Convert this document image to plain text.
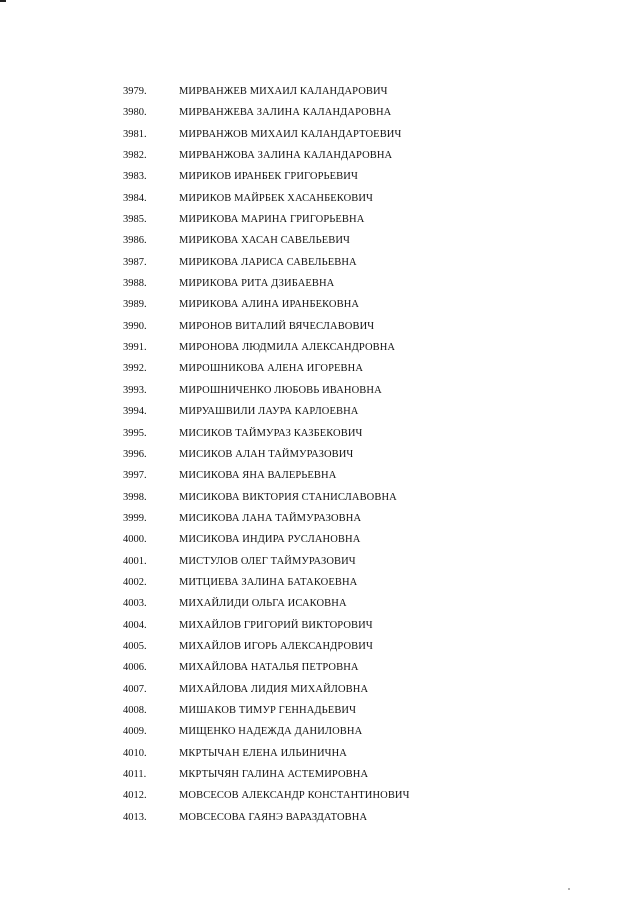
3979.	МИРВАНЖЕВ МИХАИЛ КАЛАНДАРОВИЧ
3980.	МИРВАНЖЕВА ЗАЛИНА КАЛАНДАРОВНА
3981.	МИРВАНЖОВ МИХАИЛ КАЛАНДАРТОЕВИЧ
3982.	МИРВАНЖОВА ЗАЛИНА КАЛАНДАРОВНА
3983.	МИРИКОВ ИРАНБЕК ГРИГОРЬЕВИЧ
3984.	МИРИКОВ МАЙРБЕК ХАСАНБЕКОВИЧ
3985.	МИРИКОВА МАРИНА ГРИГОРЬЕВНА
3986.	МИРИКОВА ХАСАН САВЕЛЬЕВИЧ
3987.	МИРИКОВА ЛАРИСА САВЕЛЬЕВНА
3988.	МИРИКОВА РИТА ДЗИБАЕВНА
3989.	МИРИКОВА АЛИНА ИРАНБЕКОВНА
3990.	МИРОНОВ ВИТАЛИЙ ВЯЧЕСЛАВОВИЧ
3991.	МИРОНОВА ЛЮДМИЛА АЛЕКСАНДРОВНА
3992.	МИРОШНИКОВА АЛЕНА ИГОРЕВНА
3993.	МИРОШНИЧЕНКО ЛЮБОВЬ ИВАНОВНА
3994.	МИРУАШВИЛИ ЛАУРА КАРЛОЕВНА
3995.	МИСИКОВ ТАЙМУРАЗ КАЗБЕКОВИЧ
3996.	МИСИКОВ АЛАН ТАЙМУРАЗОВИЧ
3997.	МИСИКОВА ЯНА ВАЛЕРЬЕВНА
3998.	МИСИКОВА ВИКТОРИЯ СТАНИСЛАВОВНА
3999.	МИСИКОВА ЛАНА ТАЙМУРАЗОВНА
4000.	МИСИКОВА ИНДИРА РУСЛАНОВНА
4001.	МИСТУЛОВ ОЛЕГ ТАЙМУРАЗОВИЧ
4002.	МИТЦИЕВА ЗАЛИНА БАТАКОЕВНА
4003.	МИХАЙЛИДИ ОЛЬГА ИСАКОВНА
4004.	МИХАЙЛОВ ГРИГОРИЙ ВИКТОРОВИЧ
4005.	МИХАЙЛОВ ИГОРЬ АЛЕКСАНДРОВИЧ
4006.	МИХАЙЛОВА НАТАЛЬЯ ПЕТРОВНА
4007.	МИХАЙЛОВА ЛИДИЯ МИХАЙЛОВНА
4008.	МИШАКОВ ТИМУР ГЕННАДЬЕВИЧ
4009.	МИЩЕНКО НАДЕЖДА ДАНИЛОВНА
4010.	МКРТЫЧАН ЕЛЕНА ИЛЬИНИЧНА
4011.	МКРТЫЧЯН ГАЛИНА АСТЕМИРОВНА
4012.	МОВСЕСОВ АЛЕКСАНДР КОНСТАНТИНОВИЧ
4013.	МОВСЕСОВА ГАЯНЭ ВАРАЗДАТОВНА
